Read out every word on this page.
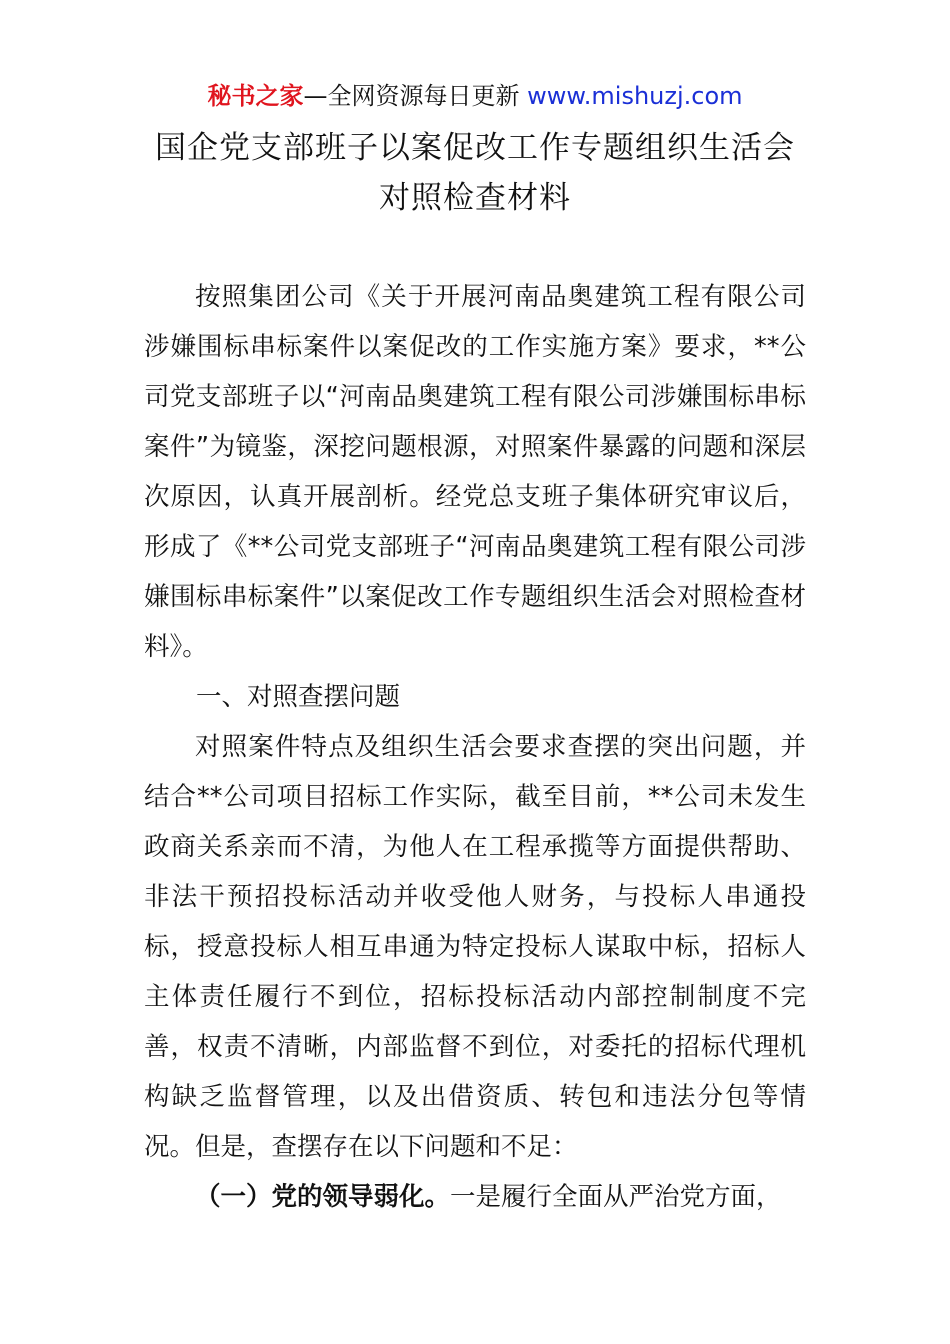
秘书之家—全网资源每日更新 www.mishuzj.com
国企党支部班子以案促改工作专题组织生活会
对照检查材料

按照集团公司《关于开展河南品奥建筑工程有限公司涉嫌围标串标案件以案促改的工作实施方案》要求，**公司党支部班子以“河南品奥建筑工程有限公司涉嫌围标串标案件”为镜鉴，深挖问题根源，对照案件暴露的问题和深层次原因，认真开展剖析。经党总支班子集体研究审议后，形成了《**公司党支部班子“河南品奥建筑工程有限公司涉嫌围标串标案件”以案促改工作专题组织生活会对照检查材料》。

一、对照查摆问题

对照案件特点及组织生活会要求查摆的突出问题，并结合**公司项目招标工作实际，截至目前，**公司未发生政商关系亲而不清，为他人在工程承揽等方面提供帮助、非法干预招投标活动并收受他人财务，与投标人串通投标，授意投标人相互串通为特定投标人谋取中标，招标人主体责任履行不到位，招标投标活动内部控制制度不完善，权责不清晰，内部监督不到位，对委托的招标代理机构缺乏监督管理，以及出借资质、转包和违法分包等情况。但是，查摆存在以下问题和不足：

（一）党的领导弱化。一是履行全面从严治党方面，
